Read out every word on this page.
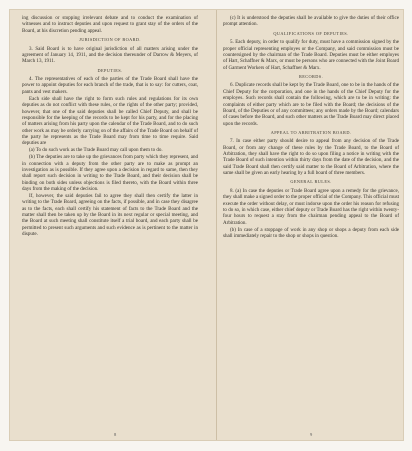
ing discussion or stopping irrelevant debate and to conduct the examination of witnesses and to instruct deputies and upon request to grant stay of the orders of the Board, at his discretion pending appeal.

JURISDICTION OF BOARD.

3. Said Board is to have original jurisdiction of all matters arising under the agreement of January 14, 1911, and the decision thereunder of Darrow & Meyers, of March 13, 1911.

DEPUTIES.

4. The representatives of each of the parties of the Trade Board shall have the power to appoint deputies for each branch of the trade, that is to say: for cutters, coat, pants and vest makers.

Each side shall have the right to form such rules and regulations for its own deputies as do not conflict with these rules, or the rights of the other party; provided, however, that one of the said deputies shall be called Chief Deputy, and shall be responsible for the keeping of the records to be kept for his party, and for the placing of matters arising from his party upon the calendar of the Trade Board, and to do such other work as may be orderly carrying on of the affairs of the Trade Board on behalf of the party he represents as the Trade Board may from time to time require. Said deputies are

(a) To do such work as the Trade Board may call upon them to do.

(b) The deputies are to take up the grievances from party which they represent, and in connection with a deputy from the other party are to make as prompt an investigation as is possible. If they agree upon a decision in regard to same, then they shall report such decision in writing to the Trade Board, and their decision shall be binding on both sides unless objections is filed thereto, with the Board within three days from the making of the decision.

If, however, the said deputies fail to agree they shall then certify the latter in writing to the Trade Board, agreeing on the facts, if possible, and in case they disagree as to the facts, each shall certify his statement of facts to the Trade Board and the matter shall then be taken up by the Board in its next regular or special meeting, and the Board at such meeting shall constitute itself a trial board, and each party shall be permitted to present such arguments and such evidence as is pertinent to the matter in dispute.

(c) It is understood the deputies shall be available to give the duties of their office prompt attention.

QUALIFICATIONS OF DEPUTIES.

5. Each deputy, in order to qualify for duty, must have a commission signed by the proper official representing employes or the Company, and said commission must be countersigned by the chairman of the Trade Board. Deputies must be either employes of Hart, Schaffner & Marx, or must be persons who are connected with the Joint Board of Garment Workers of Hart, Schaffner & Marx.

RECORDS.

6. Duplicate records shall be kept by the Trade Board, one to be in the hands of the Chief Deputy for the corporation, and one in the hands of the Chief Deputy for the employes. Such records shall contain the following, which are to be in writing: the complaints of either party which are to be filed with the Board; the decisions of the Board, of the Deputies or of any committees; any orders made by the Board; calendars of cases before the Board, and such other matters as the Trade Board may direct placed upon the records.

APPEAL TO ARBITRATION BOARD.

7. In case either party should desire to appeal from any decision of the Trade Board, or from any change of these rules by the Trade Board, to the Board of Arbitration, they shall have the right to do so upon filing a notice in writing with the Trade Board of such intention within thirty days from the date of the decision, and the said Trade Board shall then certify said matter to the Board of Arbitration, where the same shall be given an early hearing by a full board of three members.

GENERAL RULES.

8. (a) In case the deputies or Trade Board agree upon a remedy for the grievance, they shall make a signed order to the proper official of the Company. This official must execute the order without delay, or must indorse upon the order his reason for refusing to do so, in which case, either chief deputy or Trade Board has the right within twenty-four hours to request a stay from the chairman pending appeal to the Board of Arbitration.

(b) In case of a stoppage of work in any shop or shops a deputy from each side shall immediately repair to the shop or shops in question.

8	9
